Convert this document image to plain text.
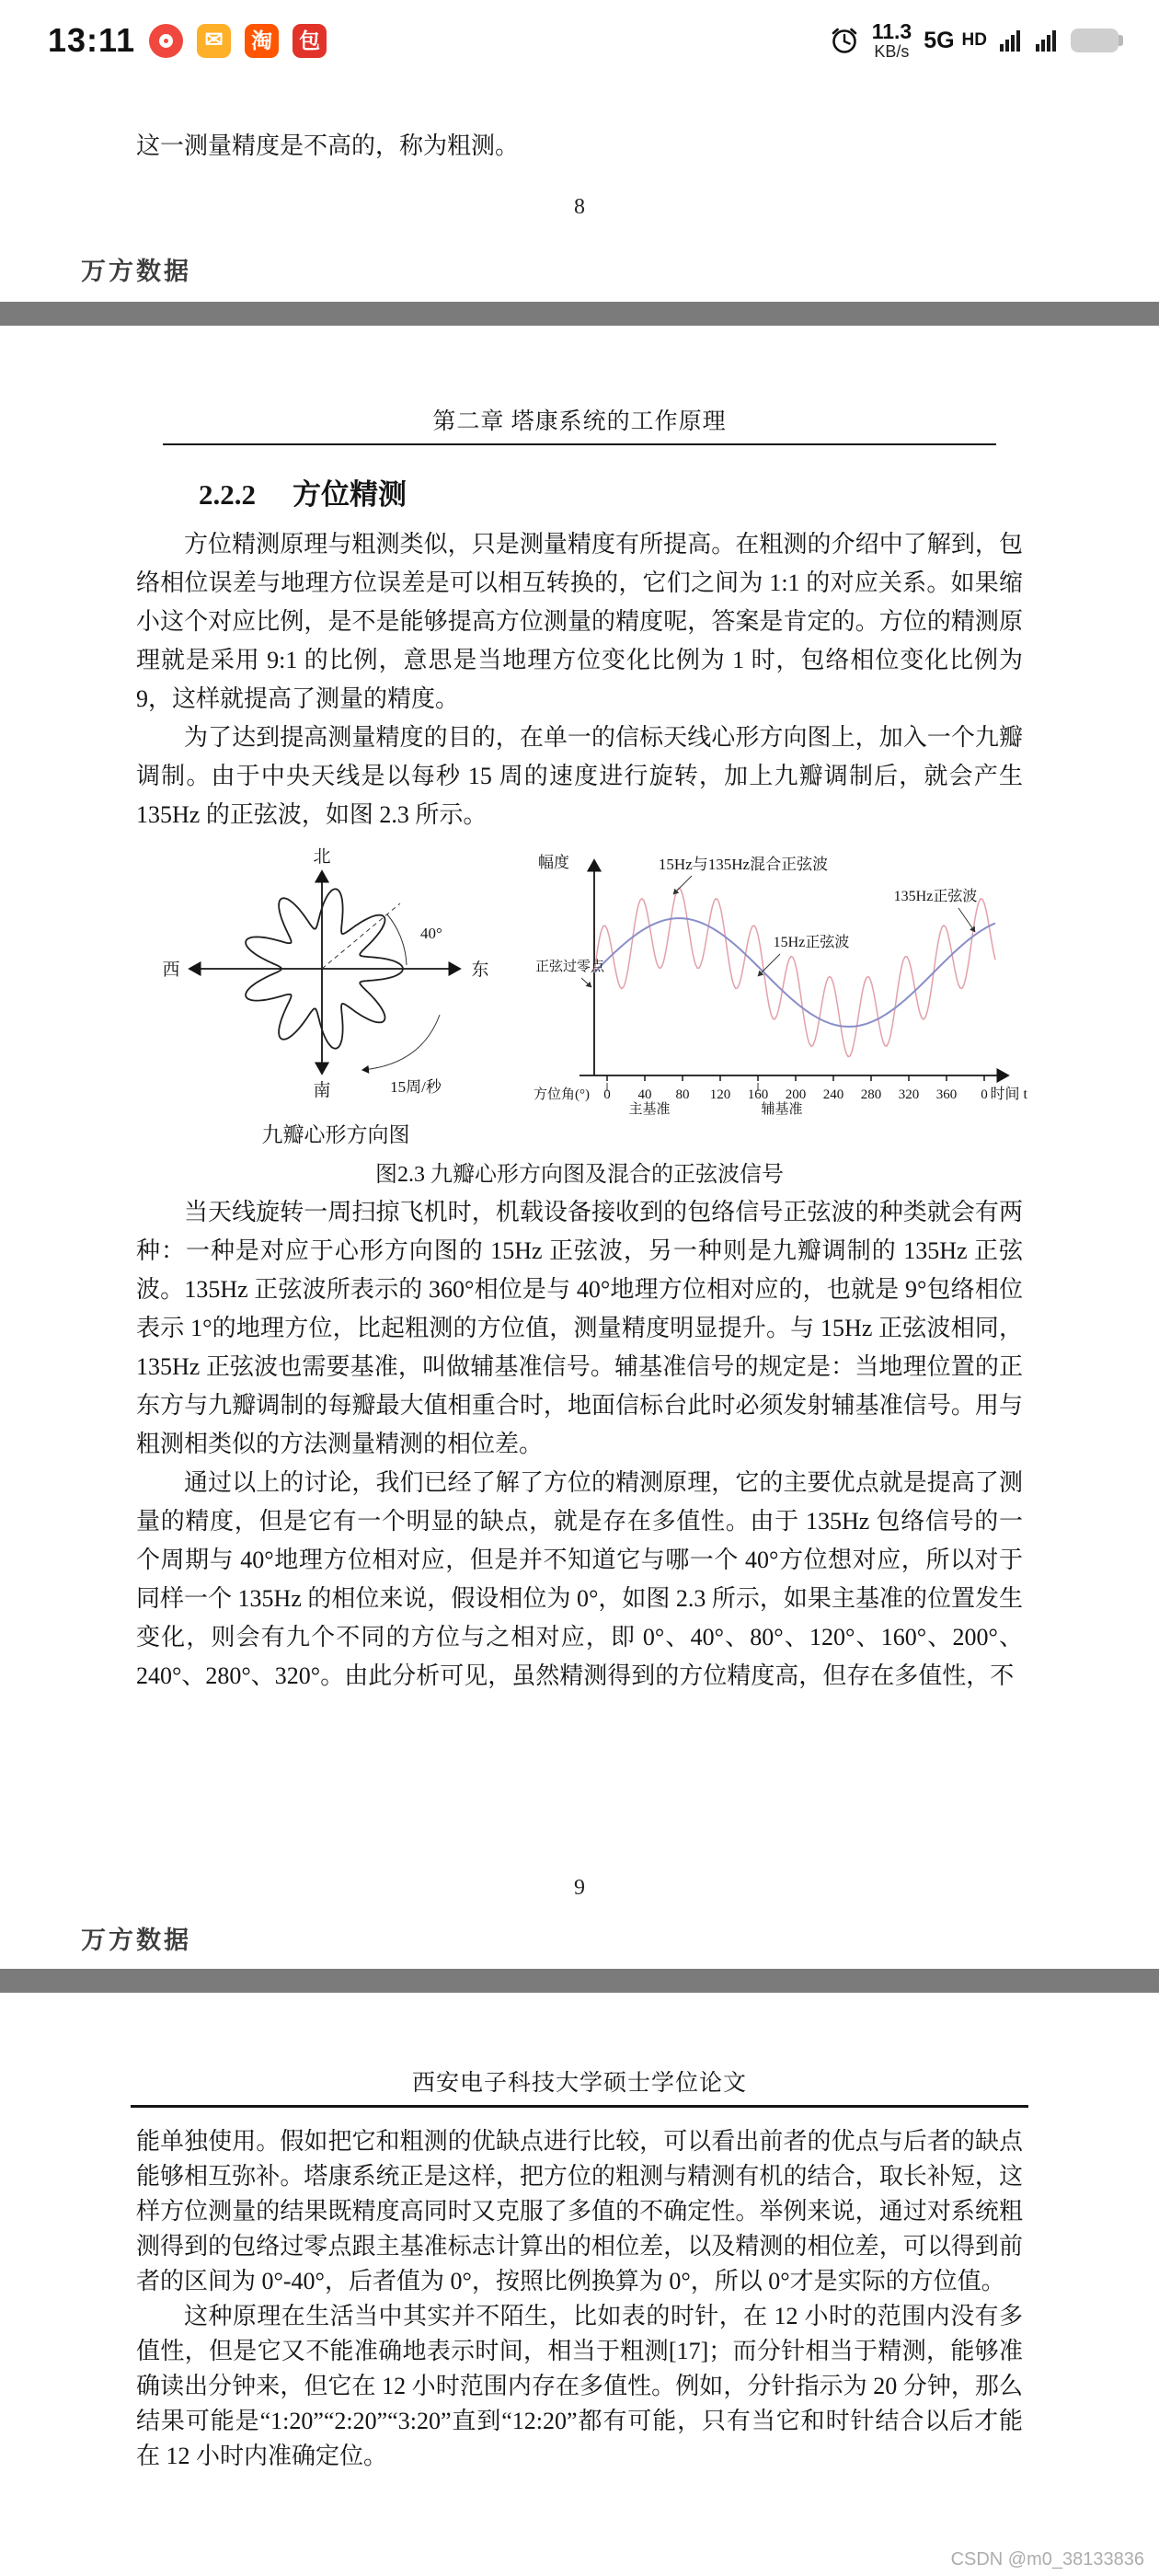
13:11	✉	淘	包	11.3
KB/s 5G HD

这一测量精度是不高的，称为粗测。

8
万方数据
第二章 塔康系统的工作原理
2.2.2 方位精测

方位精测原理与粗测类似，只是测量精度有所提高。在粗测的介绍中了解到，包络相位误差与地理方位误差是可以相互转换的，它们之间为 1:1 的对应关系。如果缩小这个对应比例，是不是能够提高方位测量的精度呢，答案是肯定的。方位的精测原理就是采用 9:1 的比例，意思是当地理方位变化比例为 1 时，包络相位变化比例为 9，这样就提高了测量的精度。

为了达到提高测量精度的目的，在单一的信标天线心形方向图上，加入一个九瓣调制。由于中央天线是以每秒 15 周的速度进行旋转，加上九瓣调制后，就会产生 135Hz 的正弦波，如图 2.3 所示。

北
南
西	东
40°
15周/秒
九瓣心形方向图
0 40 80 120 160 200 240 280 320 360 0
幅度	15Hz与135Hz混合正弦波
135Hz正弦波
15Hz正弦波
正弦过零点
方位角(°)	时间 t
主基准	辅基准
图2.3 九瓣心形方向图及混合的正弦波信号

当天线旋转一周扫掠飞机时，机载设备接收到的包络信号正弦波的种类就会有两种：一种是对应于心形方向图的 15Hz 正弦波，另一种则是九瓣调制的 135Hz 正弦波。135Hz 正弦波所表示的 360°相位是与 40°地理方位相对应的，也就是 9°包络相位表示 1°的地理方位，比起粗测的方位值，测量精度明显提升。与 15Hz 正弦波相同，135Hz 正弦波也需要基准，叫做辅基准信号。辅基准信号的规定是：当地理位置的正东方与九瓣调制的每瓣最大值相重合时，地面信标台此时必须发射辅基准信号。用与粗测相类似的方法测量精测的相位差。

通过以上的讨论，我们已经了解了方位的精测原理，它的主要优点就是提高了测量的精度，但是它有一个明显的缺点，就是存在多值性。由于 135Hz 包络信号的一个周期与 40°地理方位相对应，但是并不知道它与哪一个 40°方位想对应，所以对于同样一个 135Hz 的相位来说，假设相位为 0°，如图 2.3 所示，如果主基准的位置发生变化，则会有九个不同的方位与之相对应，即 0°、40°、80°、120°、160°、200°、240°、280°、320°。由此分析可见，虽然精测得到的方位精度高，但存在多值性，不

9
万方数据
西安电子科技大学硕士学位论文

能单独使用。假如把它和粗测的优缺点进行比较，可以看出前者的优点与后者的缺点能够相互弥补。塔康系统正是这样，把方位的粗测与精测有机的结合，取长补短，这样方位测量的结果既精度高同时又克服了多值的不确定性。举例来说，通过对系统粗测得到的包络过零点跟主基准标志计算出的相位差，以及精测的相位差，可以得到前者的区间为 0°-40°，后者值为 0°，按照比例换算为 0°，所以 0°才是实际的方位值。

这种原理在生活当中其实并不陌生，比如表的时针，在 12 小时的范围内没有多值性，但是它又不能准确地表示时间，相当于粗测[17]；而分针相当于精测，能够准确读出分钟来，但它在 12 小时范围内存在多值性。例如，分针指示为 20 分钟，那么结果可能是“1:20”“2:20”“3:20”直到“12:20”都有可能，只有当它和时针结合以后才能在 12 小时内准确定位。

CSDN @m0_38133836
